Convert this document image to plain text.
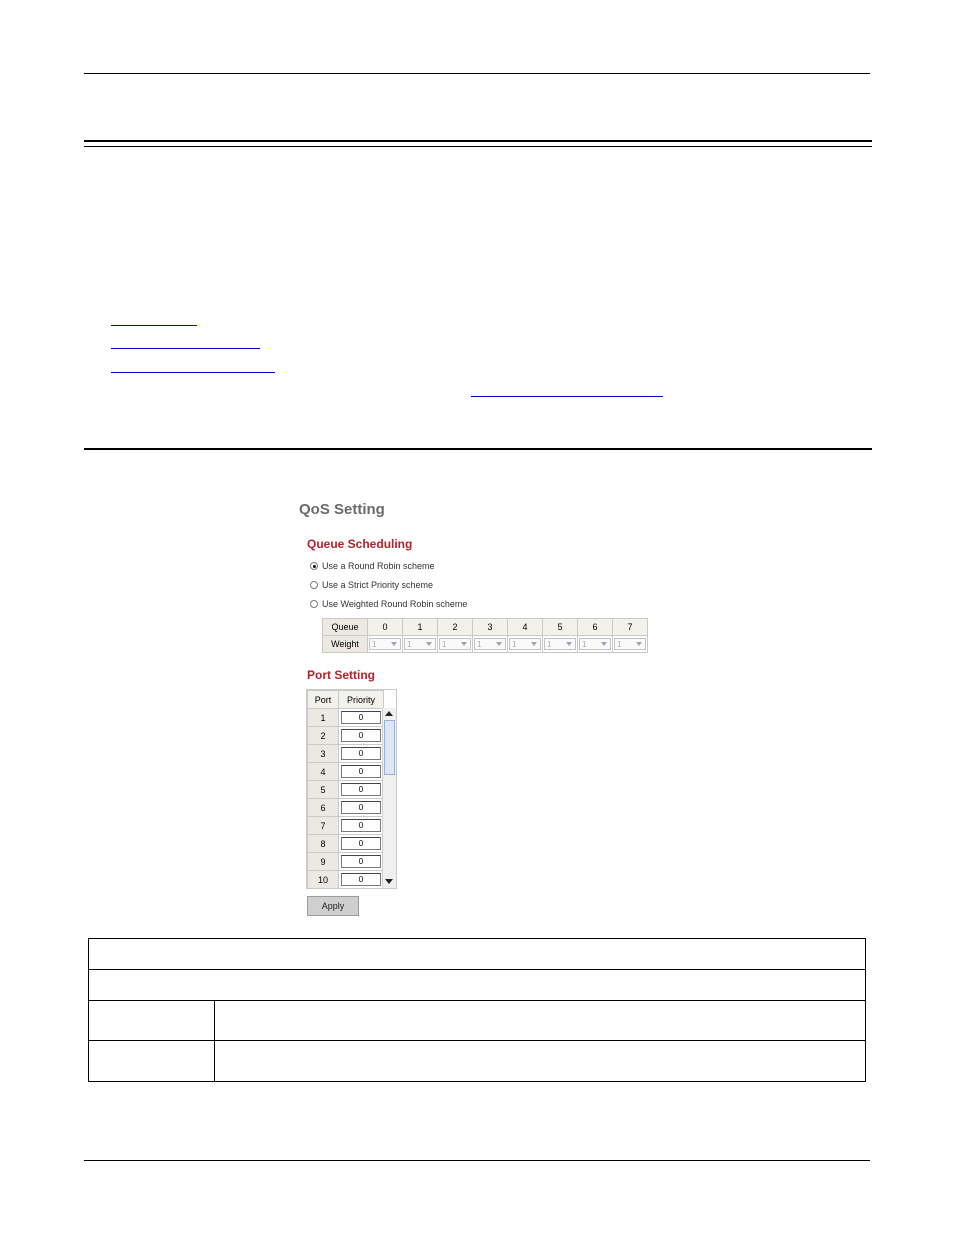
QoS Setting
Queue Scheduling
Use a Round Robin scheme
Use a Strict Priority scheme
Use Weighted Round Robin scheme
Queue	0	1	2	3	4	5	6	7
Weight	1	1	1	1	1	1	1	1
Port Setting
Port	Priority
1	0

2	0

3	0

4	0

5	0

6	0

7	0

8	0

9	0

10	0
Apply
